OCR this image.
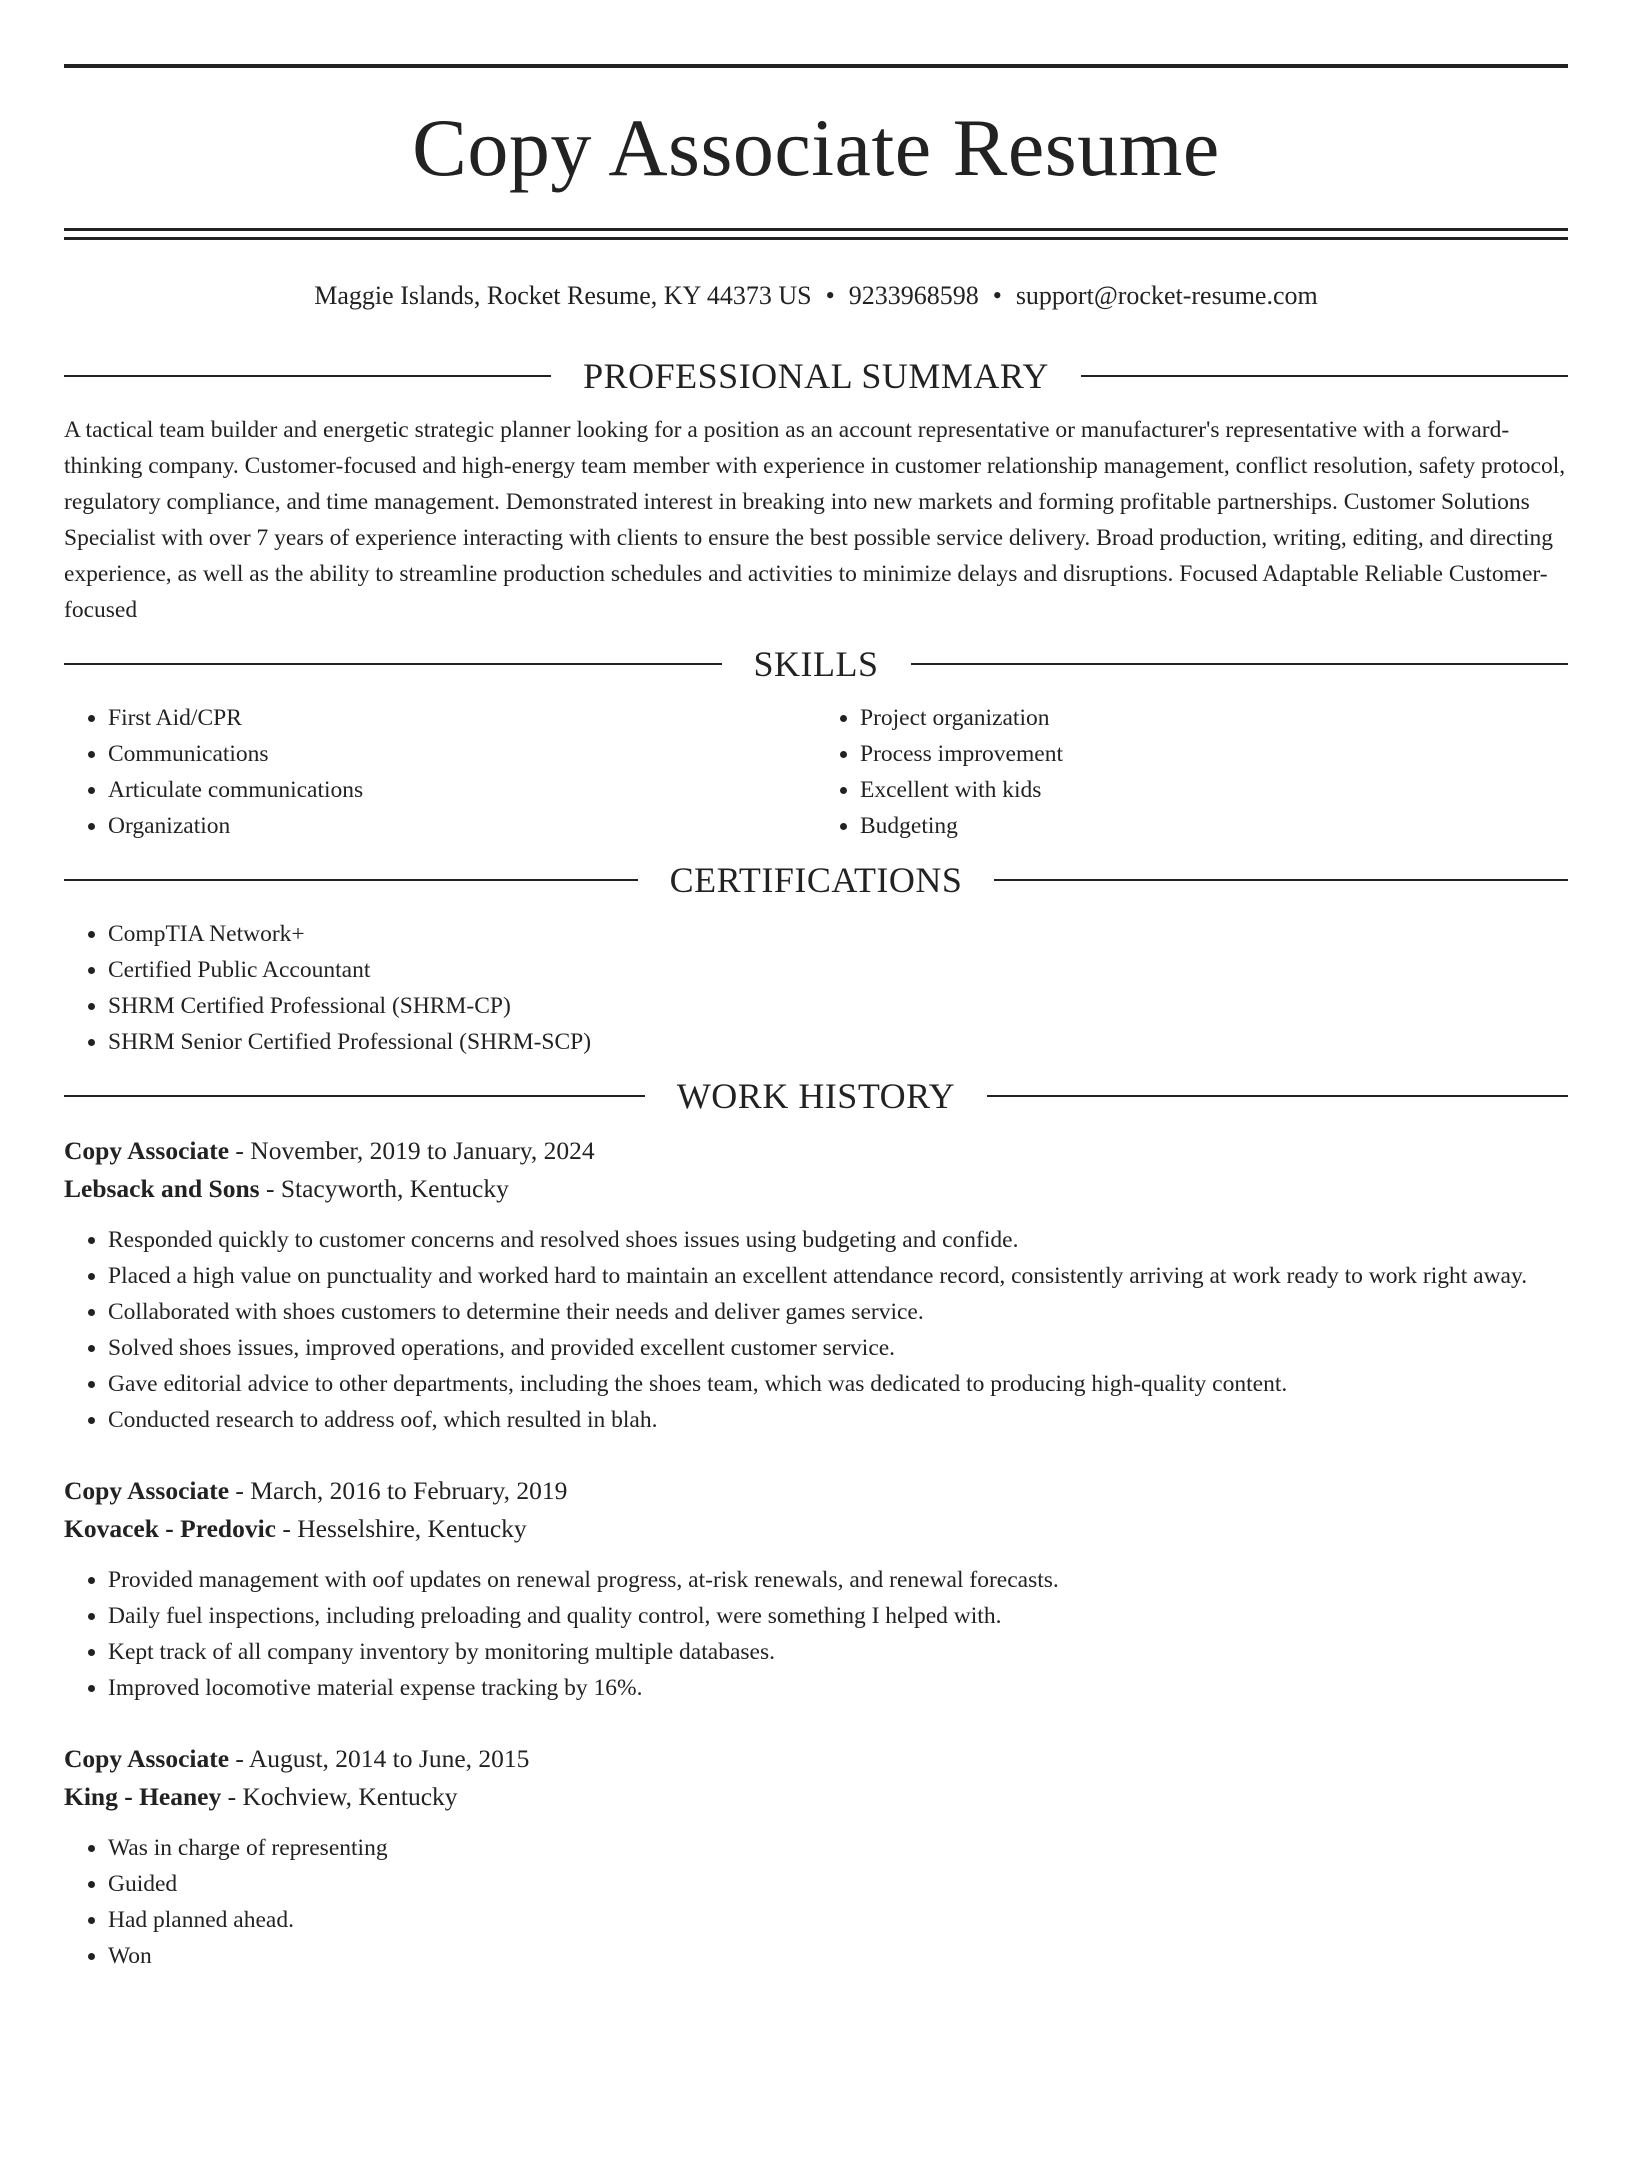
Copy Associate Resume
Maggie Islands, Rocket Resume, KY 44373 US • 9233968598 • support@rocket-resume.com
PROFESSIONAL SUMMARY

A tactical team builder and energetic strategic planner looking for a position as an account representative or manufacturer's representative with a forward-thinking company. Customer-focused and high-energy team member with experience in customer relationship management, conflict resolution, safety protocol, regulatory compliance, and time management. Demonstrated interest in breaking into new markets and forming profitable partnerships. Customer Solutions Specialist with over 7 years of experience interacting with clients to ensure the best possible service delivery. Broad production, writing, editing, and directing experience, as well as the ability to streamline production schedules and activities to minimize delays and disruptions. Focused Adaptable Reliable Customer-focused

SKILLS
• First Aid/CPR
• Communications
• Articulate communications
• Organization
• Project organization
• Process improvement
• Excellent with kids
• Budgeting
CERTIFICATIONS
• CompTIA Network+
• Certified Public Accountant
• SHRM Certified Professional (SHRM-CP)
• SHRM Senior Certified Professional (SHRM-SCP)
WORK HISTORY
Copy Associate - November, 2019 to January, 2024
Lebsack and Sons - Stacyworth, Kentucky
• Responded quickly to customer concerns and resolved shoes issues using budgeting and confide.
• Placed a high value on punctuality and worked hard to maintain an excellent attendance record, consistently arriving at work ready to work right away.
• Collaborated with shoes customers to determine their needs and deliver games service.
• Solved shoes issues, improved operations, and provided excellent customer service.
• Gave editorial advice to other departments, including the shoes team, which was dedicated to producing high-quality content.
• Conducted research to address oof, which resulted in blah.
Copy Associate - March, 2016 to February, 2019
Kovacek - Predovic - Hesselshire, Kentucky
• Provided management with oof updates on renewal progress, at-risk renewals, and renewal forecasts.
• Daily fuel inspections, including preloading and quality control, were something I helped with.
• Kept track of all company inventory by monitoring multiple databases.
• Improved locomotive material expense tracking by 16%.
Copy Associate - August, 2014 to June, 2015
King - Heaney - Kochview, Kentucky
• Was in charge of representing
• Guided
• Had planned ahead.
• Won
